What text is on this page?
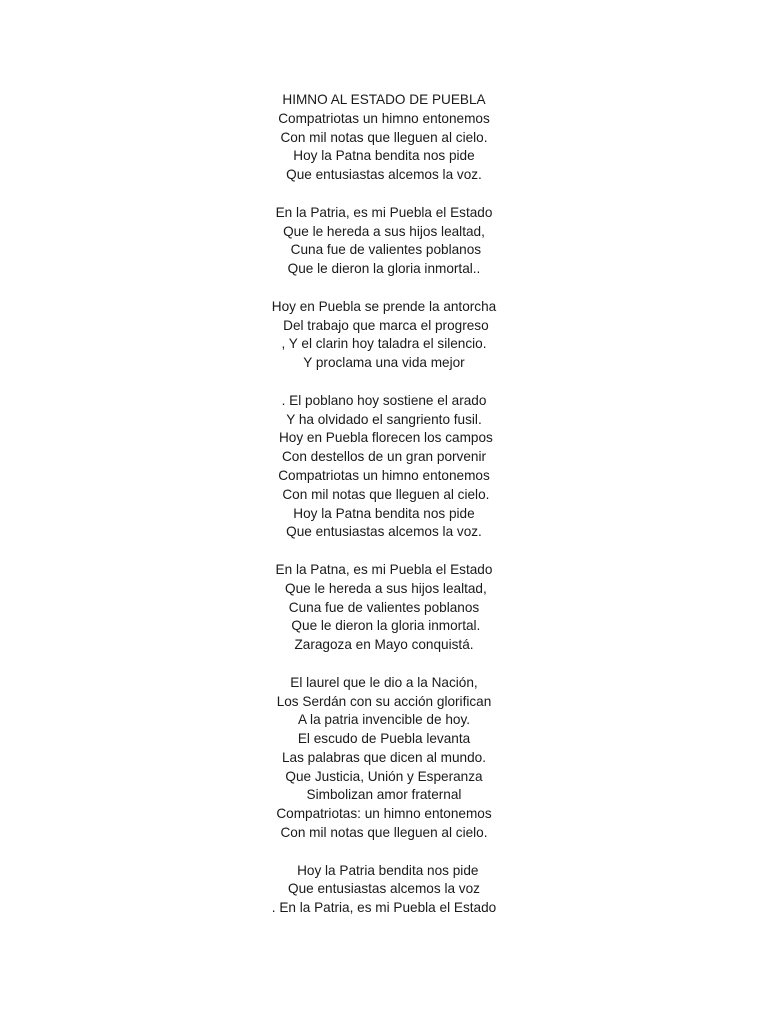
HIMNO AL ESTADO DE PUEBLA
Compatriotas un himno entonemos
Con mil notas que lleguen al cielo.
Hoy la Patna bendita nos pide
Que entusiastas alcemos la voz.
En la Patria, es mi Puebla el Estado
Que le hereda a sus hijos lealtad,
Cuna fue de valientes poblanos
Que le dieron la gloria inmortal..
Hoy en Puebla se prende la antorcha
Del trabajo que marca el progreso
, Y el clarin hoy taladra el silencio.
Y proclama una vida mejor
. El poblano hoy sostiene el arado
Y ha olvidado el sangriento fusil.
Hoy en Puebla florecen los campos
Con destellos de un gran porvenir
Compatriotas un himno entonemos
Con mil notas que lleguen al cielo.
Hoy la Patna bendita nos pide
Que entusiastas alcemos la voz.
En la Patna, es mi Puebla el Estado
Que le hereda a sus hijos lealtad,
Cuna fue de valientes poblanos
Que le dieron la gloria inmortal.
Zaragoza en Mayo conquistá.
El laurel que le dio a la Nación,
Los Serdán con su acción glorifican
A la patria invencible de hoy.
El escudo de Puebla levanta
Las palabras que dicen al mundo.
Que Justicia, Unión y Esperanza
Simbolizan amor fraternal
Compatriotas: un himno entonemos
Con mil notas que lleguen al cielo.
Hoy la Patria bendita nos pide
Que entusiastas alcemos la voz
. En la Patria, es mi Puebla el Estado
